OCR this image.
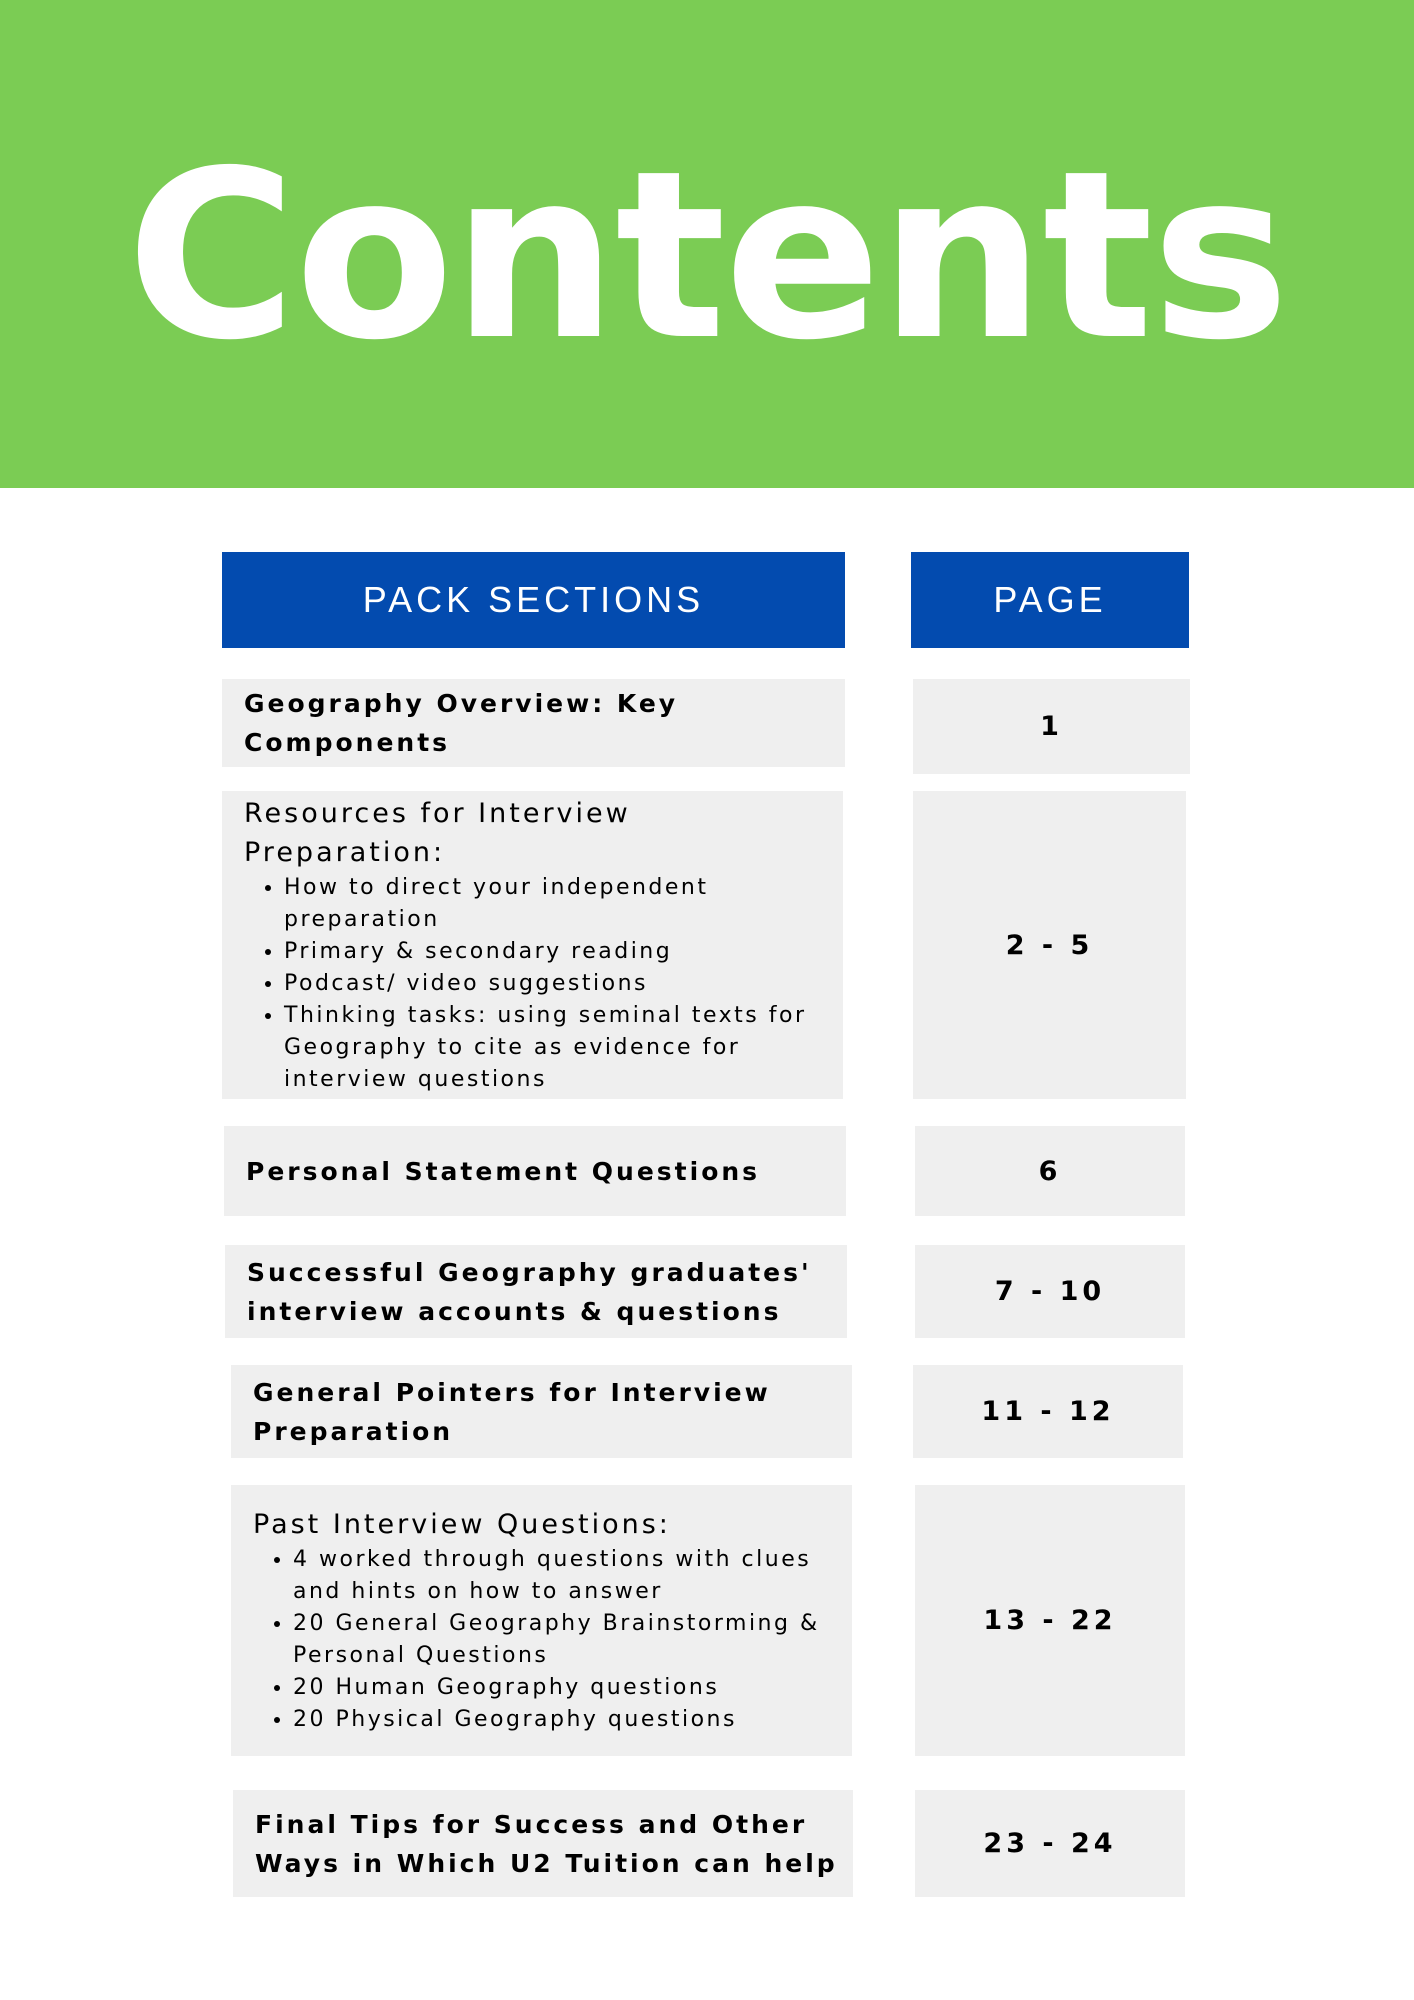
Contents
PACK SECTIONS	PAGE
Geography Overview: Key Components
1
Resources for Interview Preparation:
• How to direct your independent preparation
• Primary & secondary reading
• Podcast/ video suggestions
• Thinking tasks: using seminal texts for Geography to cite as evidence for interview questions
2 - 5
Personal Statement Questions	6
Successful Geography graduates' interview accounts & questions
7 - 10
General Pointers for Interview Preparation
11 - 12
Past Interview Questions:
• 4 worked through questions with clues and hints on how to answer
• 20 General Geography Brainstorming & Personal Questions
• 20 Human Geography questions
• 20 Physical Geography questions
13 - 22
Final Tips for Success and Other Ways in Which U2 Tuition can help
23 - 24
